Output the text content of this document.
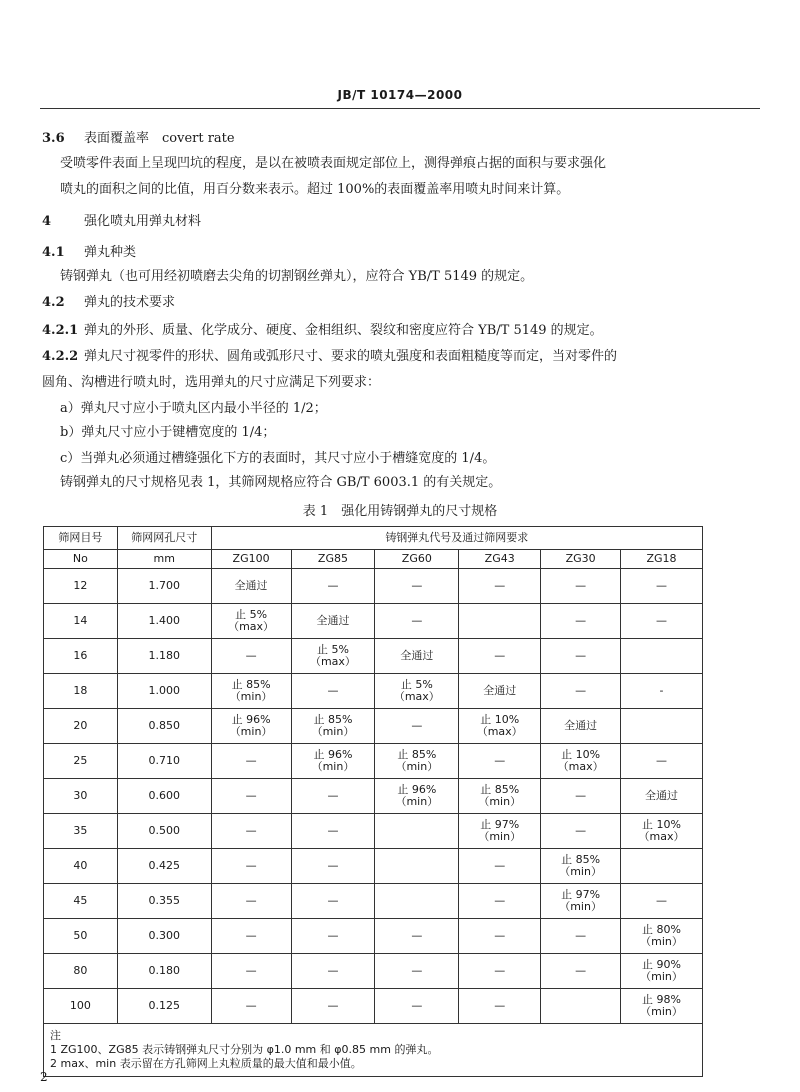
JB/T 10174—2000
3.6 表面覆盖率　covert rate
受喷零件表面上呈现凹坑的程度，是以在被喷表面规定部位上，测得弹痕占据的面积与要求强化
喷丸的面积之间的比值，用百分数来表示。超过 100%的表面覆盖率用喷丸时间来计算。
4	强化喷丸用弹丸材料
4.1 弹丸种类
铸钢弹丸（也可用经初喷磨去尖角的切割钢丝弹丸），应符合 YB/T 5149 的规定。
4.2 弹丸的技术要求
4.2.1 弹丸的外形、质量、化学成分、硬度、金相组织、裂纹和密度应符合 YB/T 5149 的规定。
4.2.2 弹丸尺寸视零件的形状、圆角或弧形尺寸、要求的喷丸强度和表面粗糙度等而定，当对零件的
圆角、沟槽进行喷丸时，选用弹丸的尺寸应满足下列要求：
a）弹丸尺寸应小于喷丸区内最小半径的 1/2；
b）弹丸尺寸应小于键槽宽度的 1/4；
c）当弹丸必须通过槽缝强化下方的表面时，其尺寸应小于槽缝宽度的 1/4。
铸钢弹丸的尺寸规格见表 1，其筛网规格应符合 GB/T 6003.1 的有关规定。
表 1　强化用铸钢弹丸的尺寸规格
筛网目号	筛网网孔尺寸	铸钢弹丸代号及通过筛网要求					
No	mm	ZG100	ZG85	ZG60	ZG43	ZG30	ZG18
12	1.700	全通过	—	—	—	—	—
14	1.400	止 5%
（max）	全通过	—		—	—
16	1.180	—	止 5%
（max）	全通过	—	—	
18	1.000	止 85%
（min）	—	止 5%
（max）	全通过	—	-
20	0.850	止 96%
（min）	止 85%
（min）	—	止 10%
（max）	全通过	
25	0.710	—	止 96%
（min）	止 85%
（min）	—	止 10%
（max）	—
30	0.600	—	—	止 96%
（min）	止 85%
（min）	—	全通过
35	0.500	—	—		止 97%
（min）	—	止 10%
（max）
40	0.425	—	—		—	止 85%
（min）	
45	0.355	—	—		—	止 97%
（min）	—
50	0.300	—	—	—	—	—	止 80%
（min）
80	0.180	—	—	—	—	—	止 90%
（min）
100	0.125	—	—	—	—		止 98%
（min）

注
1 ZG100、ZG85 表示铸钢弹丸尺寸分别为 φ1.0 mm 和 φ0.85 mm 的弹丸。
2 max、min 表示留在方孔筛网上丸粒质量的最大值和最小值。							
2
